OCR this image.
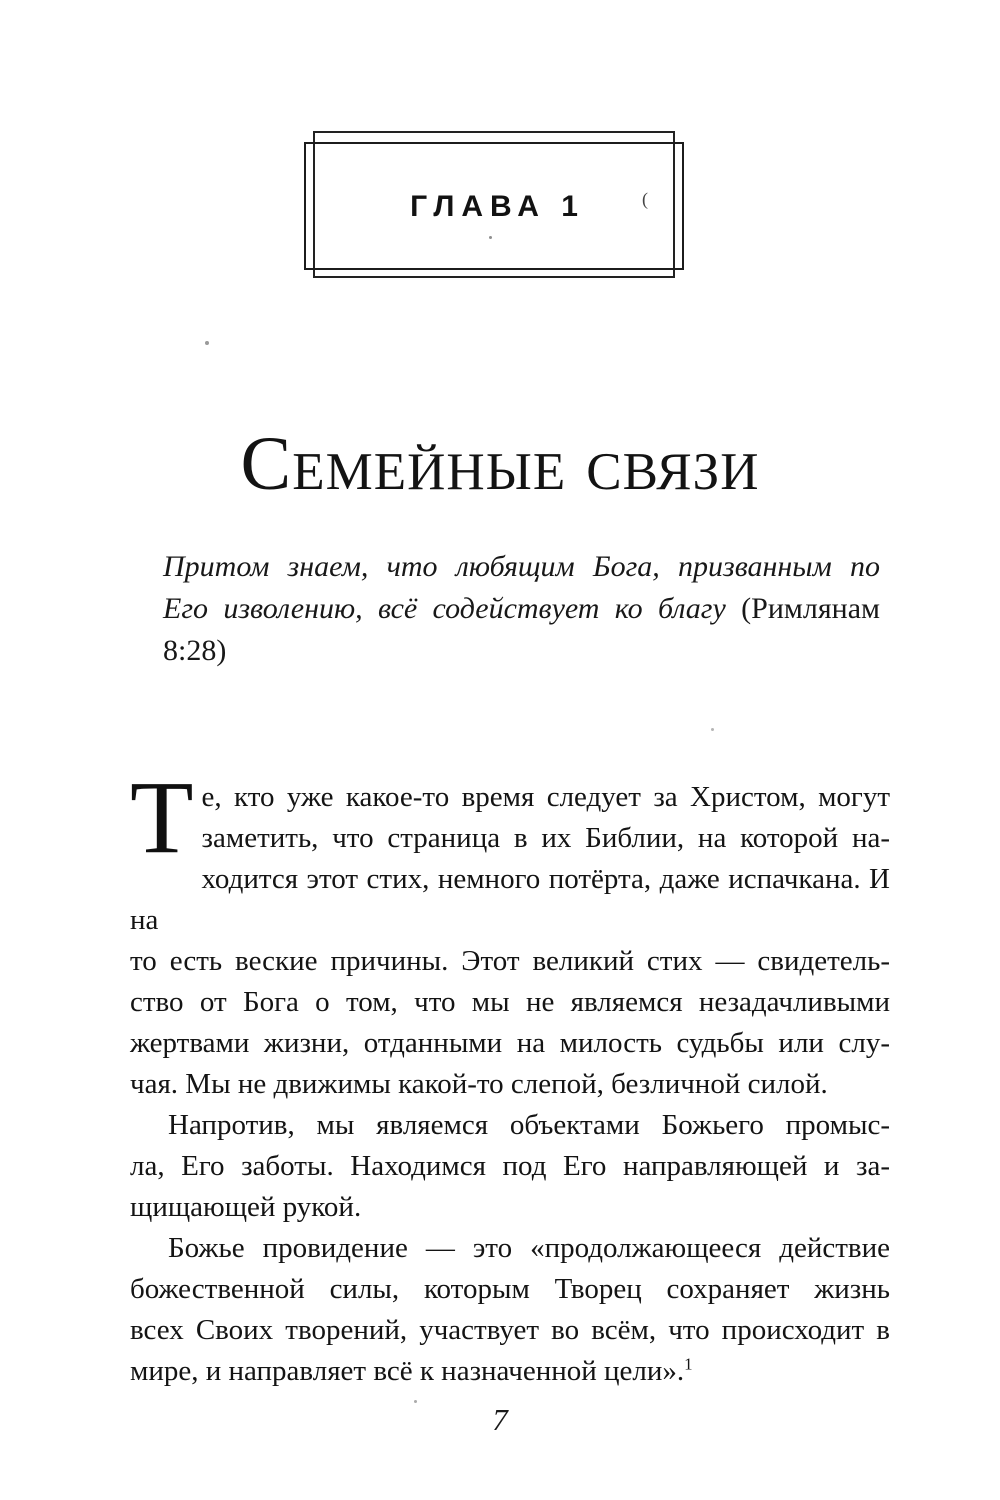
ГЛАВА 1	(
Семейные связи
Притом знаем, что любящим Бога, призванным по
Его изволению, всё содействует ко благу (Римлянам
8:28)
Т е, кто уже какое-то время следует за Христом, могут
заметить, что страница в их Библии, на которой на-
ходится этот стих, немного потёрта, даже испачкана. И на
то есть веские причины. Этот великий стих — свидетель-
ство от Бога о том, что мы не являемся незадачливыми
жертвами жизни, отданными на милость судьбы или слу-
чая. Мы не движимы какой-то слепой, безличной силой.
Напротив, мы являемся объектами Божьего промыс-
ла, Его заботы. Находимся под Его направляющей и за-
щищающей рукой.
Божье провидение — это «продолжающееся действие
божественной силы, которым Творец сохраняет жизнь
всех Своих творений, участвует во всём, что происходит в
мире, и направляет всё к назначенной цели».$^1$
7
